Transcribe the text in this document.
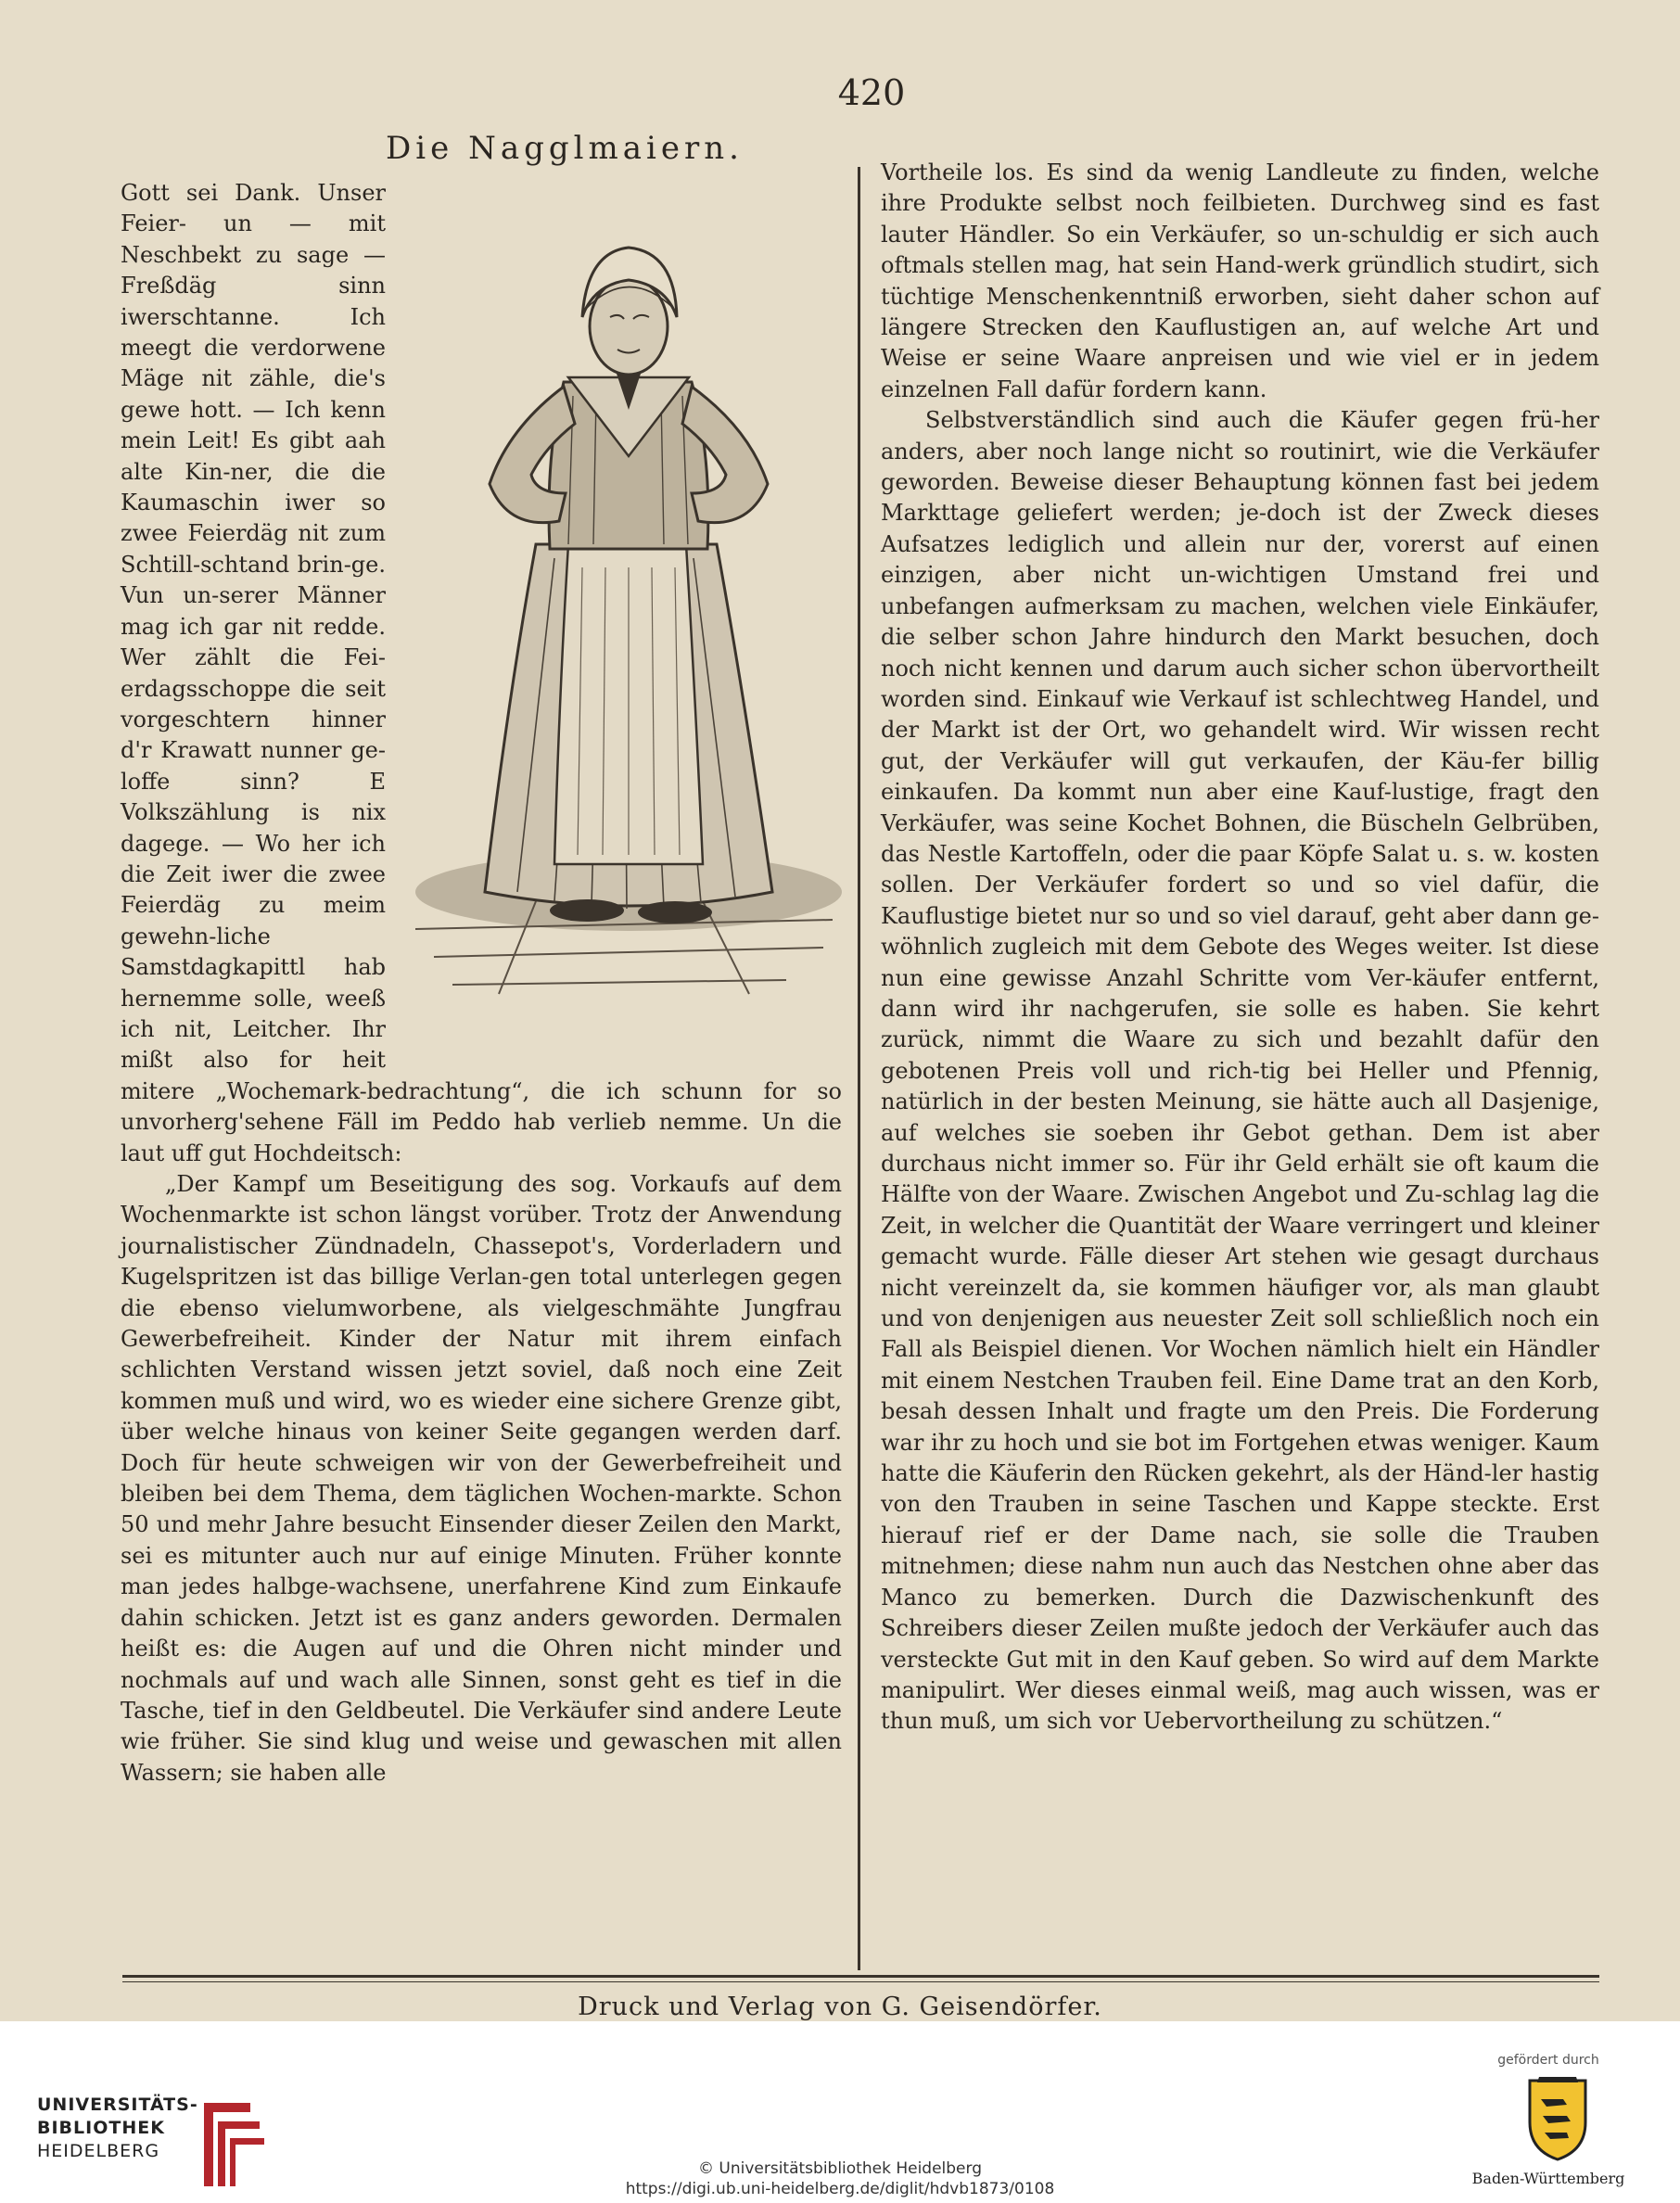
420
Die Nagglmaiern.

Gott sei Dank. Unser Feier- un — mit Neschbekt zu sage — Freßdäg sinn iwerschtanne. Ich meegt die verdorwene Mäge nit zähle, die's gewe hott. — Ich kenn mein Leit! Es gibt aah alte Kin-ner, die die Kaumaschin iwer so zwee Feierdäg nit zum Schtill-schtand brin-ge. Vun un-serer Männer mag ich gar nit redde. Wer zählt die Fei-erdagsschoppe die seit vorgeschtern hinner d'r Krawatt nunner ge-loffe sinn? E Volkszählung is nix dagege. — Wo her ich die Zeit iwer die zwee Feierdäg zu meim gewehn-liche Samstdagkapittl hab hernemme solle, weeß ich nit, Leitcher. Ihr mißt also for heit mitere „Wochemark-bedrachtung“, die ich schunn for so unvorherg'sehene Fäll im Peddo hab verlieb nemme. Un die laut uff gut Hochdeitsch:

„Der Kampf um Beseitigung des sog. Vorkaufs auf dem Wochenmarkte ist schon längst vorüber. Trotz der Anwendung journalistischer Zündnadeln, Chassepot's, Vorderladern und Kugelspritzen ist das billige Verlan-gen total unterlegen gegen die ebenso vielumworbene, als vielgeschmähte Jungfrau Gewerbefreiheit. Kinder der Natur mit ihrem einfach schlichten Verstand wissen jetzt soviel, daß noch eine Zeit kommen muß und wird, wo es wieder eine sichere Grenze gibt, über welche hinaus von keiner Seite gegangen werden darf. Doch für heute schweigen wir von der Gewerbefreiheit und bleiben bei dem Thema, dem täglichen Wochen-markte. Schon 50 und mehr Jahre besucht Einsender dieser Zeilen den Markt, sei es mitunter auch nur auf einige Minuten. Früher konnte man jedes halbge-wachsene, unerfahrene Kind zum Einkaufe dahin schicken. Jetzt ist es ganz anders geworden. Dermalen heißt es: die Augen auf und die Ohren nicht minder und nochmals auf und wach alle Sinnen, sonst geht es tief in die Tasche, tief in den Geldbeutel. Die Verkäufer sind andere Leute wie früher. Sie sind klug und weise und gewaschen mit allen Wassern; sie haben alle

Vortheile los. Es sind da wenig Landleute zu finden, welche ihre Produkte selbst noch feilbieten. Durchweg sind es fast lauter Händler. So ein Verkäufer, so un-schuldig er sich auch oftmals stellen mag, hat sein Hand-werk gründlich studirt, sich tüchtige Menschenkenntniß erworben, sieht daher schon auf längere Strecken den Kauflustigen an, auf welche Art und Weise er seine Waare anpreisen und wie viel er in jedem einzelnen Fall dafür fordern kann.

Selbstverständlich sind auch die Käufer gegen frü-her anders, aber noch lange nicht so routinirt, wie die Verkäufer geworden. Beweise dieser Behauptung können fast bei jedem Markttage geliefert werden; je-doch ist der Zweck dieses Aufsatzes lediglich und allein nur der, vorerst auf einen einzigen, aber nicht un-wichtigen Umstand frei und unbefangen aufmerksam zu machen, welchen viele Einkäufer, die selber schon Jahre hindurch den Markt besuchen, doch noch nicht kennen und darum auch sicher schon übervortheilt worden sind. Einkauf wie Verkauf ist schlechtweg Handel, und der Markt ist der Ort, wo gehandelt wird. Wir wissen recht gut, der Verkäufer will gut verkaufen, der Käu-fer billig einkaufen. Da kommt nun aber eine Kauf-lustige, fragt den Verkäufer, was seine Kochet Bohnen, die Büscheln Gelbrüben, das Nestle Kartoffeln, oder die paar Köpfe Salat u. s. w. kosten sollen. Der Verkäufer fordert so und so viel dafür, die Kauflustige bietet nur so und so viel darauf, geht aber dann ge-wöhnlich zugleich mit dem Gebote des Weges weiter. Ist diese nun eine gewisse Anzahl Schritte vom Ver-käufer entfernt, dann wird ihr nachgerufen, sie solle es haben. Sie kehrt zurück, nimmt die Waare zu sich und bezahlt dafür den gebotenen Preis voll und rich-tig bei Heller und Pfennig, natürlich in der besten Meinung, sie hätte auch all Dasjenige, auf welches sie soeben ihr Gebot gethan. Dem ist aber durchaus nicht immer so. Für ihr Geld erhält sie oft kaum die Hälfte von der Waare. Zwischen Angebot und Zu-schlag lag die Zeit, in welcher die Quantität der Waare verringert und kleiner gemacht wurde. Fälle dieser Art stehen wie gesagt durchaus nicht vereinzelt da, sie kommen häufiger vor, als man glaubt und von denjenigen aus neuester Zeit soll schließlich noch ein Fall als Beispiel dienen. Vor Wochen nämlich hielt ein Händler mit einem Nestchen Trauben feil. Eine Dame trat an den Korb, besah dessen Inhalt und fragte um den Preis. Die Forderung war ihr zu hoch und sie bot im Fortgehen etwas weniger. Kaum hatte die Käuferin den Rücken gekehrt, als der Händ-ler hastig von den Trauben in seine Taschen und Kappe steckte. Erst hierauf rief er der Dame nach, sie solle die Trauben mitnehmen; diese nahm nun auch das Nestchen ohne aber das Manco zu bemerken. Durch die Dazwischenkunft des Schreibers dieser Zeilen mußte jedoch der Verkäufer auch das versteckte Gut mit in den Kauf geben. So wird auf dem Markte manipulirt. Wer dieses einmal weiß, mag auch wissen, was er thun muß, um sich vor Uebervortheilung zu schützen.“

Druck und Verlag von G. Geisendörfer.
UNIVERSITÄTS-
BIBLIOTHEK
HEIDELBERG
© Universitätsbibliothek Heidelberg
https://digi.ub.uni-heidelberg.de/diglit/hdvb1873/0108
gefördert durch
Baden-Württemberg
